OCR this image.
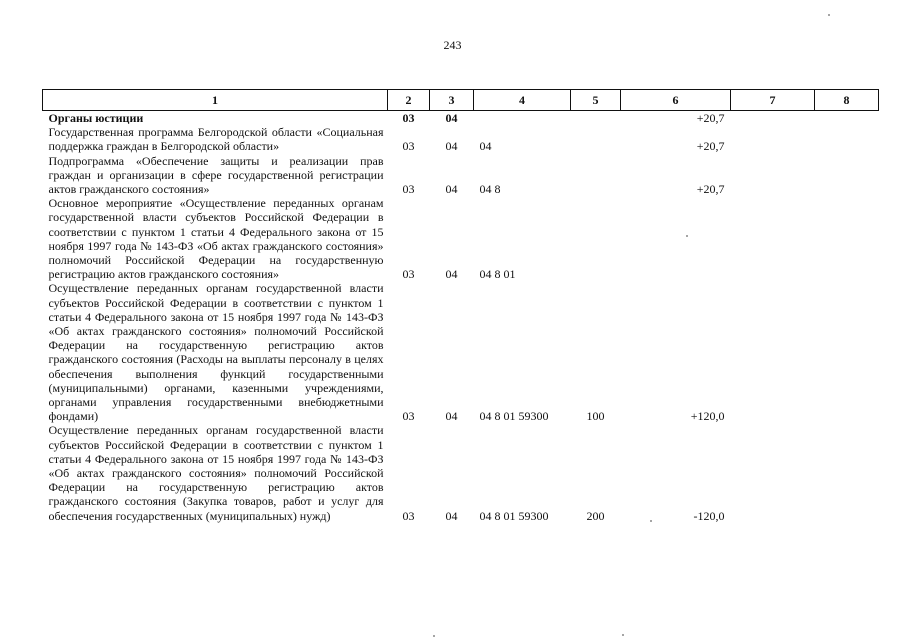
243
1	2	3	4	5	6	7	8
Органы юстиции	03	04			+20,7		
Государственная программа Белгородской области «Социальная поддержка граждан в Белгородской области»	03	04	04		+20,7		
Подпрограмма «Обеспечение защиты и реализации прав граждан и организации в сфере государственной регистрации актов гражданского состояния»	03	04	04 8		+20,7		
Основное мероприятие «Осуществление переданных органам государственной власти субъектов Российской Федерации в соответствии с пунктом 1 статьи 4 Федерального закона от 15 ноября 1997 года № 143-ФЗ «Об актах гражданского состояния» полномочий Российской Федерации на государственную регистрацию актов гражданского состояния»	03	04	04 8 01				
Осуществление переданных органам государственной власти субъектов Российской Федерации в соответствии с пунктом 1 статьи 4 Федерального закона от 15 ноября 1997 года № 143-ФЗ «Об актах гражданского состояния» полномочий Российской Федерации на государственную регистрацию актов гражданского состояния (Расходы на выплаты персоналу в целях обеспечения выполнения функций государственными (муниципальными) органами, казенными учреждениями, органами управления государственными внебюджетными фондами)	03	04	04 8 01 59300	100	+120,0		
Осуществление переданных органам государственной власти субъектов Российской Федерации в соответствии с пунктом 1 статьи 4 Федерального закона от 15 ноября 1997 года № 143-ФЗ «Об актах гражданского состояния» полномочий Российской Федерации на государственную регистрацию актов гражданского состояния (Закупка товаров, работ и услуг для обеспечения государственных (муниципальных) нужд)	03	04	04 8 01 59300	200	-120,0		
